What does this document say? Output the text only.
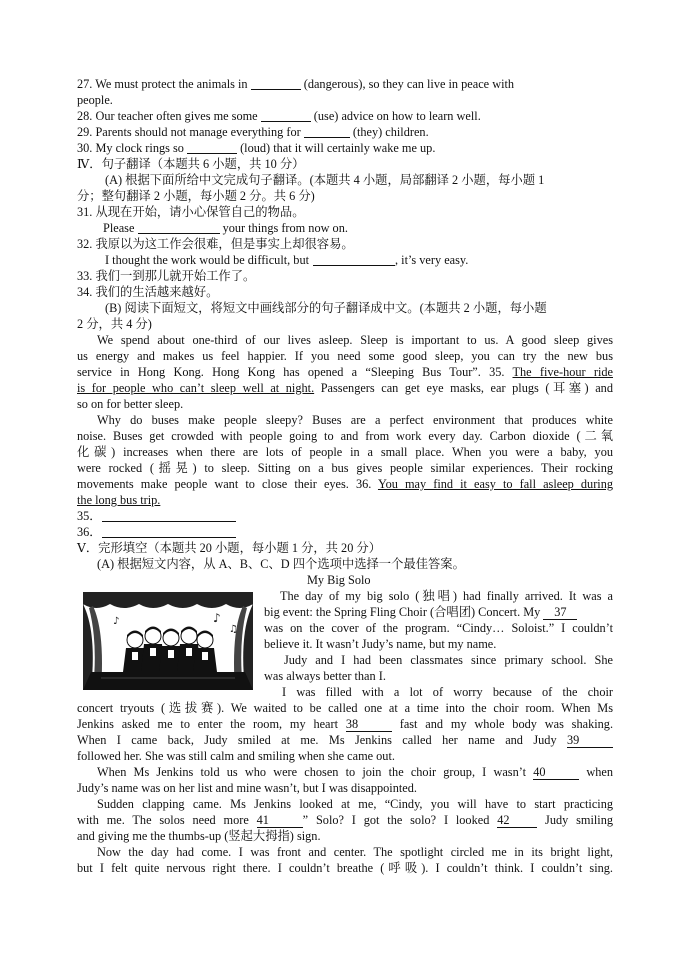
27. We must protect the animals in	(dangerous), so they can live in peace with
people.
28. Our teacher often gives me some	(use) advice on how to learn well.
29. Parents should not manage everything for	(they) children.
30. My clock rings so	(loud) that it will certainly wake me up.
Ⅳ．句子翻译（本题共 6 小题，共 10 分）
(A) 根据下面所给中文完成句子翻译。(本题共 4 小题，局部翻译 2 小题，每小题 1
分；整句翻译 2 小题，每小题 2 分。共 6 分)
31. 从现在开始，请小心保管自己的物品。
Please	your things from now on.
32. 我原以为这工作会很难，但是事实上却很容易。
I thought the work would be difficult, but	, it’s very easy.
33. 我们一到那儿就开始工作了。
34. 我们的生活越来越好。
(B) 阅读下面短文，将短文中画线部分的句子翻译成中文。(本题共 2 小题，每小题
2 分，共 4 分)
We spend about one-third of our lives asleep. Sleep is important to us. A good sleep gives
us energy and makes us feel happier. If you need some good sleep, you can try the new bus
service in Hong Kong. Hong Kong has opened a “Sleeping Bus Tour”. 35. The five-hour ride
is for people who can’t sleep well at night. Passengers can get eye masks, ear plugs (耳塞) and
so on for better sleep.
Why do buses make people sleepy? Buses are a perfect environment that produces white
noise. Buses get crowded with people going to and from work every day. Carbon dioxide (二氧
化碳) increases when there are lots of people in a small place. When you were a baby, you
were rocked (摇晃) to sleep. Sitting on a bus gives people similar experiences. Their rocking
movements make people want to close their eyes. 36. You may find it easy to fall asleep during
the long bus trip.
35．
36．
Ⅴ．完形填空（本题共 20 小题，每小题 1 分，共 20 分）
(A) 根据短文内容，从 A、B、C、D 四个选项中选择一个最佳答案。
My Big Solo
♪
♫
♪
The day of my big solo (独唱) had finally arrived. It was a
big event: the Spring Fling Choir (合唱团) Concert. My 37
was on the cover of the program. “Cindy… Soloist.” I couldn’t
believe it. It wasn’t Judy’s name, but my name.
Judy and I had been classmates since primary school. She
was always better than I.
I was filled with a lot of worry because of the choir
concert tryouts (选拔赛). We waited to be called one at a time into the choir room. When Ms
Jenkins asked me to enter the room, my heart 38	fast and my whole body was shaking.
When I came back, Judy smiled at me. Ms Jenkins called her name and Judy 39
followed her. She was still calm and smiling when she came out.
When Ms Jenkins told us who were chosen to join the choir group, I wasn’t 40	when
Judy’s name was on her list and mine wasn’t, but I was disappointed.
Sudden clapping came. Ms Jenkins looked at me, “Cindy, you will have to start practicing
with me. The solos need more 41	” Solo? I got the solo? I looked 42	Judy smiling
and giving me the thumbs-up (竖起大拇指) sign.
Now the day had come. I was front and center. The spotlight circled me in its bright light,
but I felt quite nervous right there. I couldn’t breathe (呼吸). I couldn’t think. I couldn’t sing.
